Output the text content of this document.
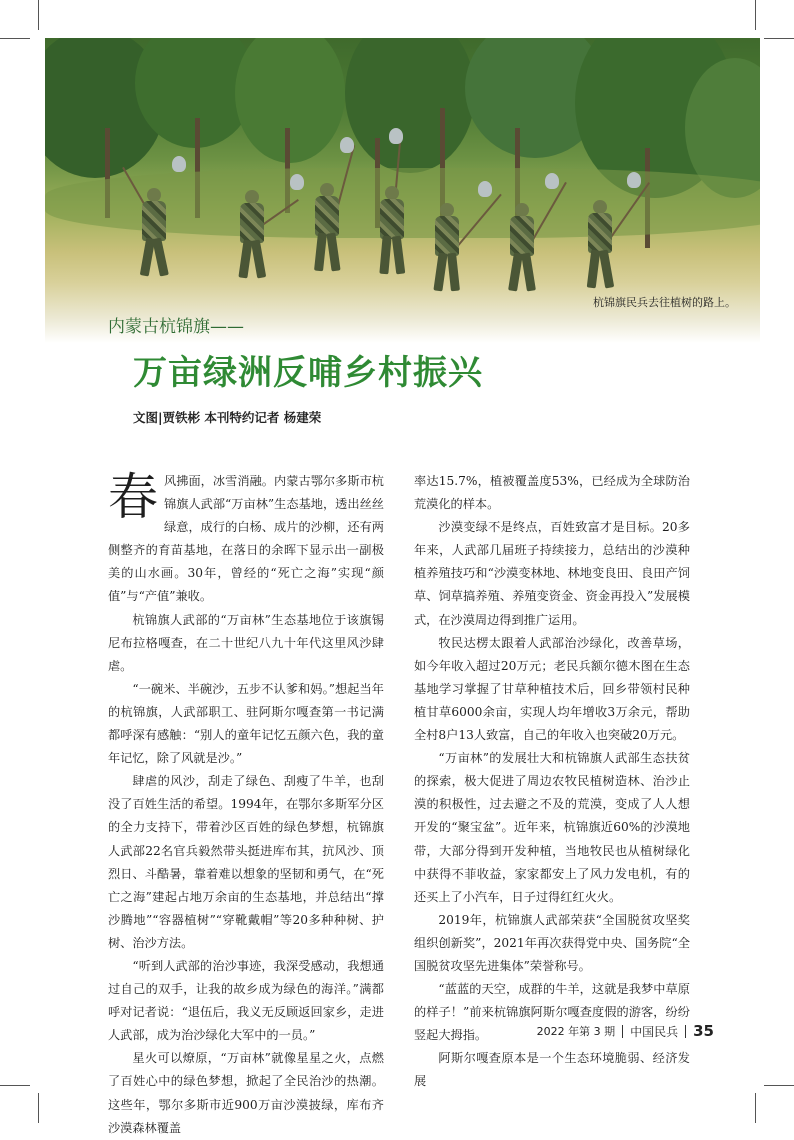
杭锦旗民兵去往植树的路上。
内蒙古杭锦旗——
万亩绿洲反哺乡村振兴
文图|贾铁彬 本刊特约记者 杨建荣

春风拂面，冰雪消融。内蒙古鄂尔多斯市杭锦旗人武部“万亩林”生态基地，透出丝丝绿意，成行的白杨、成片的沙柳，还有两侧整齐的育苗基地，在落日的余晖下显示出一副极美的山水画。30年，曾经的“死亡之海”实现“颜值”与“产值”兼收。

杭锦旗人武部的“万亩林”生态基地位于该旗锡尼布拉格嘎查，在二十世纪八九十年代这里风沙肆虐。

“一碗米、半碗沙，五步不认爹和妈。”想起当年的杭锦旗，人武部职工、驻阿斯尔嘎查第一书记满都呼深有感触：“别人的童年记忆五颜六色，我的童年记忆，除了风就是沙。”

肆虐的风沙，刮走了绿色、刮瘦了牛羊，也刮没了百姓生活的希望。1994年，在鄂尔多斯军分区的全力支持下，带着沙区百姓的绿色梦想，杭锦旗人武部22名官兵毅然带头挺进库布其，抗风沙、顶烈日、斗酷暑，靠着难以想象的坚韧和勇气，在“死亡之海”建起占地万余亩的生态基地，并总结出“撑沙腾地”“容器植树”“穿靴戴帽”等20多种种树、护树、治沙方法。

“听到人武部的治沙事迹，我深受感动，我想通过自己的双手，让我的故乡成为绿色的海洋。”满都呼对记者说：“退伍后，我义无反顾返回家乡，走进人武部，成为治沙绿化大军中的一员。”

星火可以燎原，“万亩林”就像星星之火，点燃了百姓心中的绿色梦想，掀起了全民治沙的热潮。这些年，鄂尔多斯市近900万亩沙漠披绿，库布齐沙漠森林覆盖

率达15.7%，植被覆盖度53%，已经成为全球防治荒漠化的样本。

沙漠变绿不是终点，百姓致富才是目标。20多年来，人武部几届班子持续接力，总结出的沙漠种植养殖技巧和“沙漠变林地、林地变良田、良田产饲草、饲草搞养殖、养殖变资金、资金再投入”发展模式，在沙漠周边得到推广运用。

牧民达楞太跟着人武部治沙绿化，改善草场，如今年收入超过20万元；老民兵额尔德木图在生态基地学习掌握了甘草种植技术后，回乡带领村民种植甘草6000余亩，实现人均年增收3万余元，帮助全村8户13人致富，自己的年收入也突破20万元。

“万亩林”的发展壮大和杭锦旗人武部生态扶贫的探索，极大促进了周边农牧民植树造林、治沙止漠的积极性，过去避之不及的荒漠，变成了人人想开发的“聚宝盆”。近年来，杭锦旗近60%的沙漠地带，大部分得到开发种植，当地牧民也从植树绿化中获得不菲收益，家家都安上了风力发电机，有的还买上了小汽车，日子过得红红火火。

2019年，杭锦旗人武部荣获“全国脱贫攻坚奖组织创新奖”，2021年再次获得党中央、国务院“全国脱贫攻坚先进集体”荣誉称号。

“蓝蓝的天空，成群的牛羊，这就是我梦中草原的样子！”前来杭锦旗阿斯尔嘎查度假的游客，纷纷竖起大拇指。

阿斯尔嘎查原本是一个生态环境脆弱、经济发展

2022 年第 3 期 中国民兵 35
